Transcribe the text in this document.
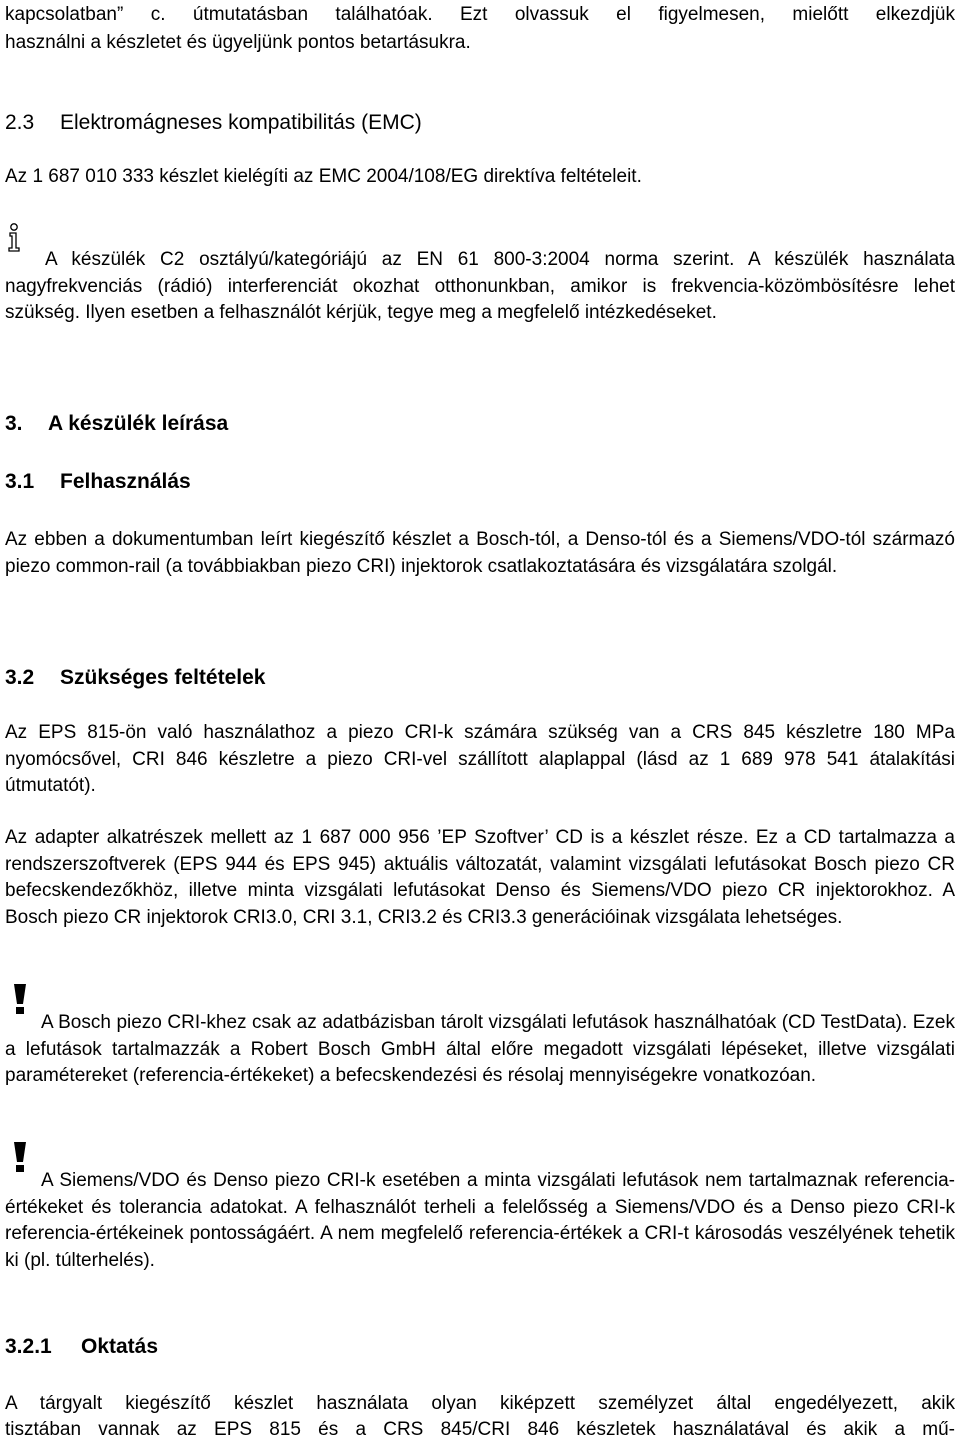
kapcsolatban” c. útmutatásban találhatóak. Ezt olvassuk el figyelmesen, mielőtt elkezdjük

használni a készletet és ügyeljünk pontos betartásukra.

2.3 Elektromágneses kompatibilitás (EMC)

Az 1 687 010 333 készlet kielégíti az EMC 2004/108/EG direktíva feltételeit.

A készülék C2 osztályú/kategóriájú az EN 61 800-3:2004 norma szerint. A készülék használata nagyfrekvenciás (rádió) interferenciát okozhat otthonunkban, amikor is frekvencia-közömbösítésre lehet szükség. Ilyen esetben a felhasználót kérjük, tegye meg a megfelelő intézkedéseket.

3. A készülék leírása
3.1 Felhasználás

Az ebben a dokumentumban leírt kiegészítő készlet a Bosch-tól, a Denso-tól és a Siemens/VDO-tól származó piezo common-rail (a továbbiakban piezo CRI) injektorok csatlakoztatására és vizsgálatára szolgál.

3.2 Szükséges feltételek

Az EPS 815-ön való használathoz a piezo CRI-k számára szükség van a CRS 845 készletre 180 MPa nyomócsővel, CRI 846 készletre a piezo CRI-vel szállított alaplappal (lásd az 1 689 978 541 átalakítási útmutatót).

Az adapter alkatrészek mellett az 1 687 000 956 ’EP Szoftver’ CD is a készlet része. Ez a CD tartalmazza a rendszerszoftverek (EPS 944 és EPS 945) aktuális változatát, valamint vizsgálati lefutásokat Bosch piezo CR befecskendezőkhöz, illetve minta vizsgálati lefutásokat Denso és Siemens/VDO piezo CR injektorokhoz. A Bosch piezo CR injektorok CRI3.0, CRI 3.1, CRI3.2 és CRI3.3 generációinak vizsgálata lehetséges.

A Bosch piezo CRI-khez csak az adatbázisban tárolt vizsgálati lefutások használhatóak (CD TestData). Ezek a lefutások tartalmazzák a Robert Bosch GmbH által előre megadott vizsgálati lépéseket, illetve vizsgálati paramétereket (referencia-értékeket) a befecskendezési és résolaj mennyiségekre vonatkozóan.

A Siemens/VDO és Denso piezo CRI-k esetében a minta vizsgálati lefutások nem tartalmaznak referencia-értékeket és tolerancia adatokat. A felhasználót terheli a felelősség a Siemens/VDO és a Denso piezo CRI-k referencia-értékeinek pontosságáért. A nem megfelelő referencia-értékek a CRI-t károsodás veszélyének tehetik ki (pl. túlterhelés).

3.2.1 Oktatás

A tárgyalt kiegészítő készlet használata olyan kiképzett személyzet által engedélyezett, akik

tisztában vannak az EPS 815 és a CRS 845/CRI 846 készletek használatával és akik a mű-
